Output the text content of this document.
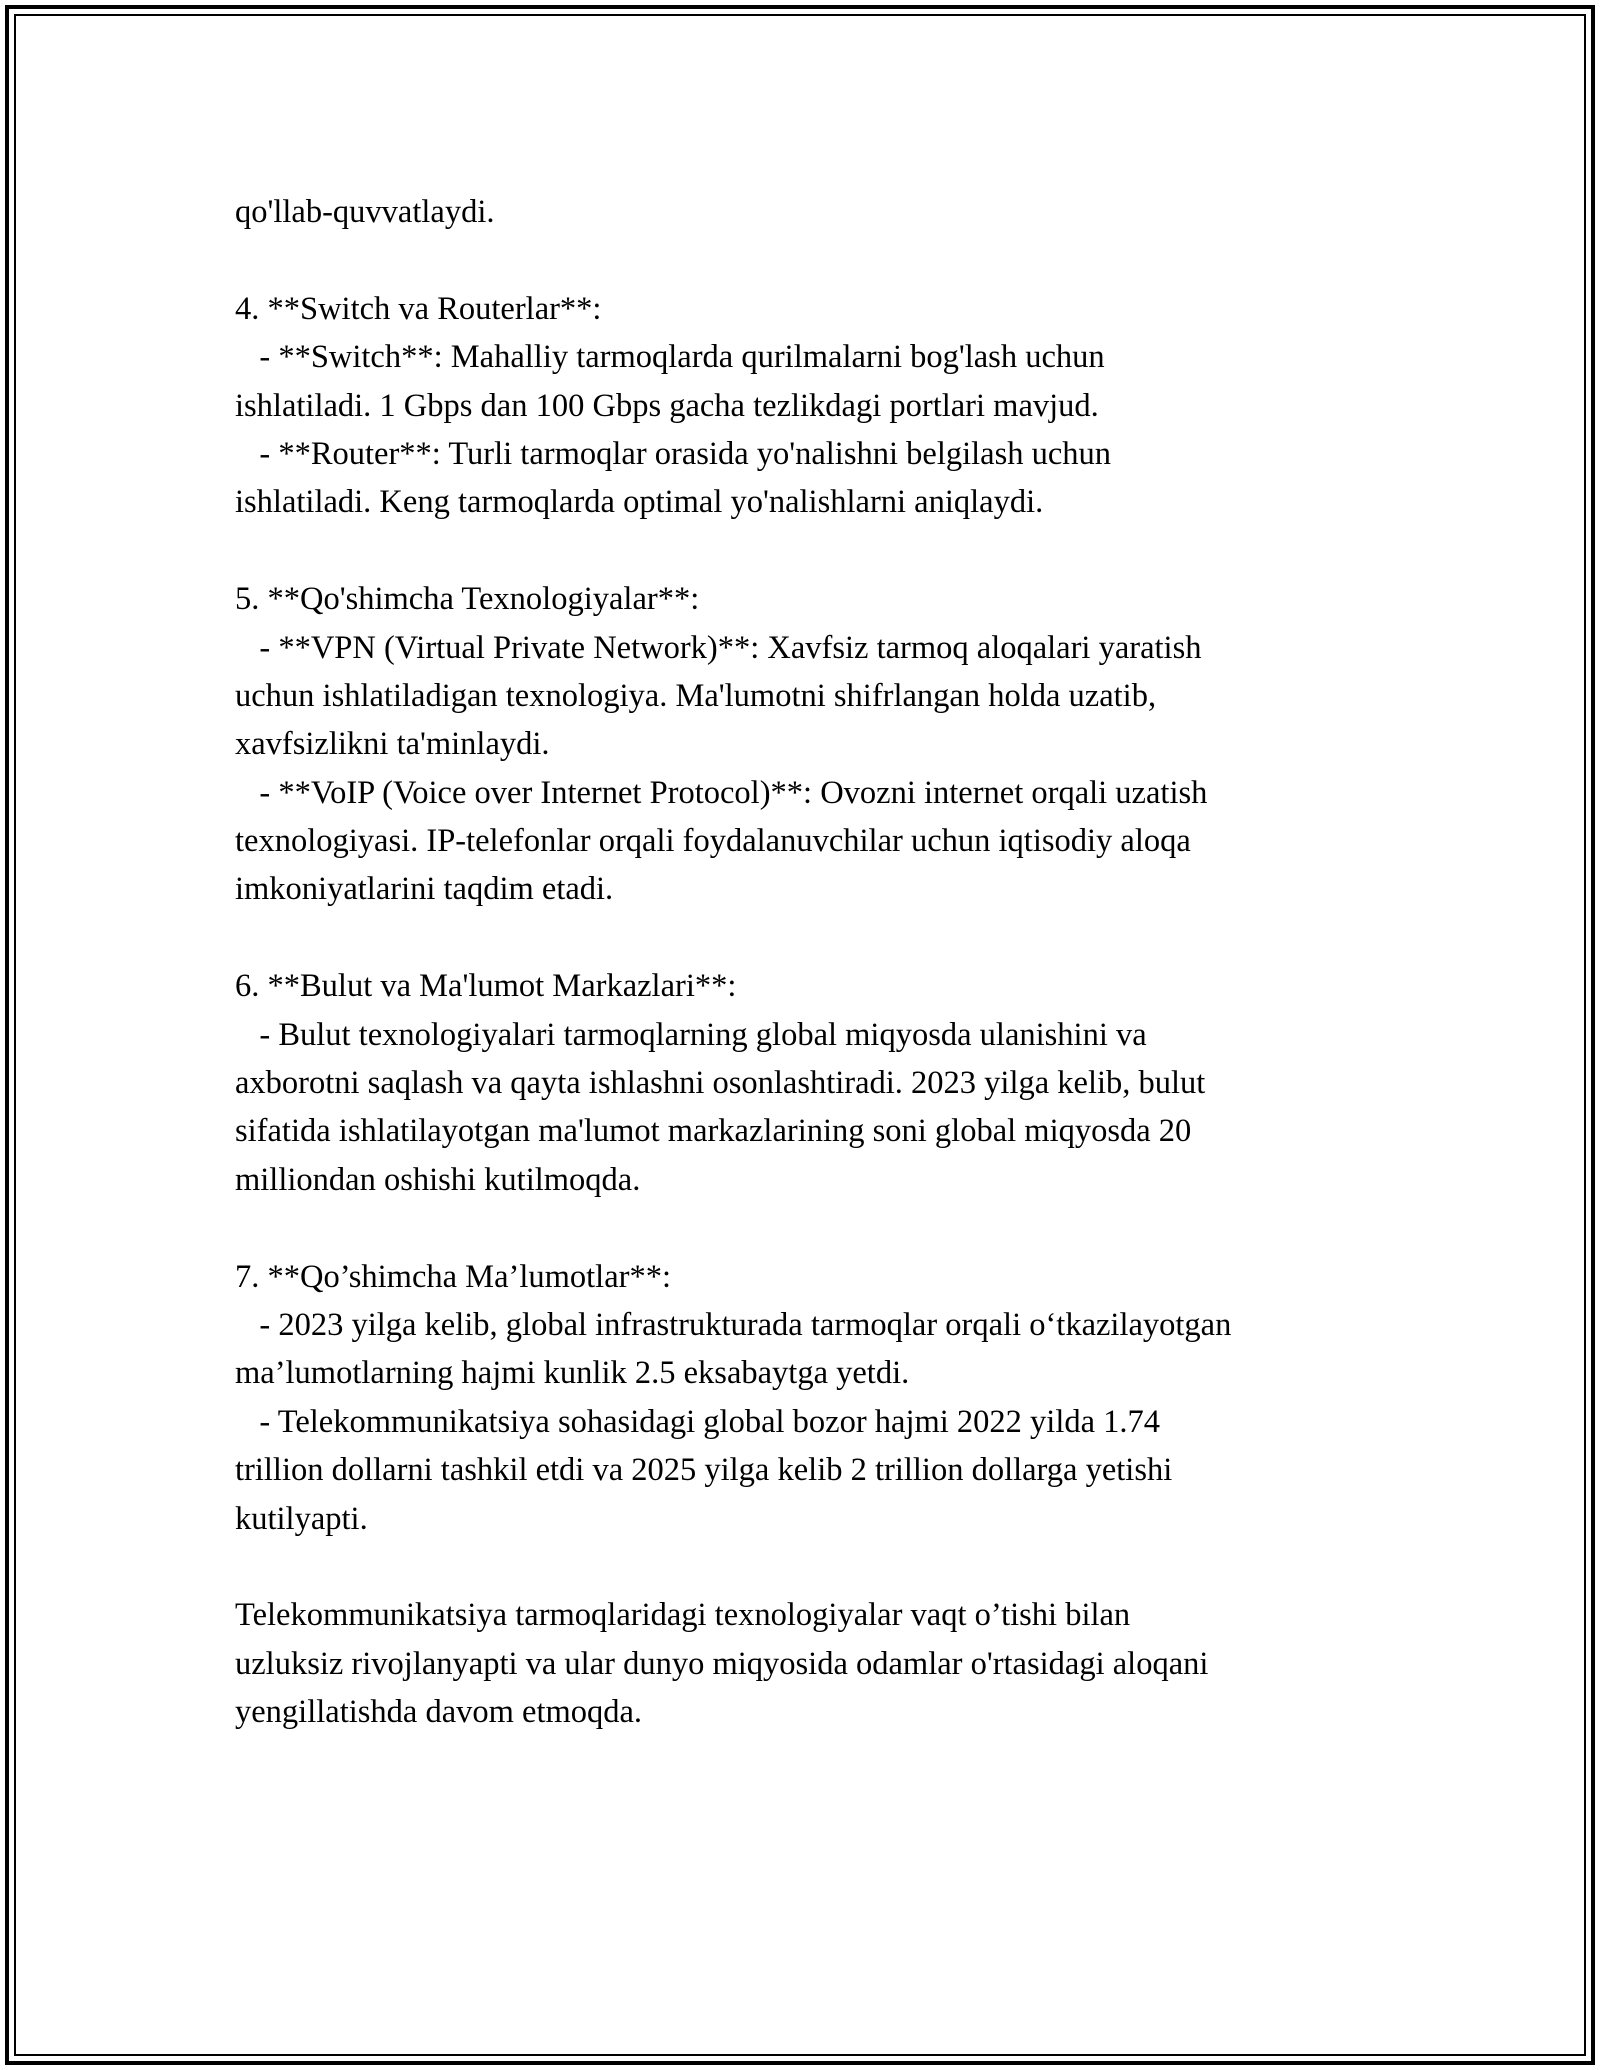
qo'llab-quvvatlaydi.
4. **Switch va Routerlar**:
- **Switch**: Mahalliy tarmoqlarda qurilmalarni bog'lash uchun
ishlatiladi. 1 Gbps dan 100 Gbps gacha tezlikdagi portlari mavjud.
- **Router**: Turli tarmoqlar orasida yo'nalishni belgilash uchun
ishlatiladi. Keng tarmoqlarda optimal yo'nalishlarni aniqlaydi.
5. **Qo'shimcha Texnologiyalar**:
- **VPN (Virtual Private Network)**: Xavfsiz tarmoq aloqalari yaratish
uchun ishlatiladigan texnologiya. Ma'lumotni shifrlangan holda uzatib,
xavfsizlikni ta'minlaydi.
- **VoIP (Voice over Internet Protocol)**: Ovozni internet orqali uzatish
texnologiyasi. IP-telefonlar orqali foydalanuvchilar uchun iqtisodiy aloqa
imkoniyatlarini taqdim etadi.
6. **Bulut va Ma'lumot Markazlari**:
- Bulut texnologiyalari tarmoqlarning global miqyosda ulanishini va
axborotni saqlash va qayta ishlashni osonlashtiradi. 2023 yilga kelib, bulut
sifatida ishlatilayotgan ma'lumot markazlarining soni global miqyosda 20
milliondan oshishi kutilmoqda.
7. **Qo’shimcha Ma’lumotlar**:
- 2023 yilga kelib, global infrastrukturada tarmoqlar orqali o‘tkazilayotgan
ma’lumotlarning hajmi kunlik 2.5 eksabaytga yetdi.
- Telekommunikatsiya sohasidagi global bozor hajmi 2022 yilda 1.74
trillion dollarni tashkil etdi va 2025 yilga kelib 2 trillion dollarga yetishi
kutilyapti.
Telekommunikatsiya tarmoqlaridagi texnologiyalar vaqt o’tishi bilan
uzluksiz rivojlanyapti va ular dunyo miqyosida odamlar o'rtasidagi aloqani
yengillatishda davom etmoqda.
